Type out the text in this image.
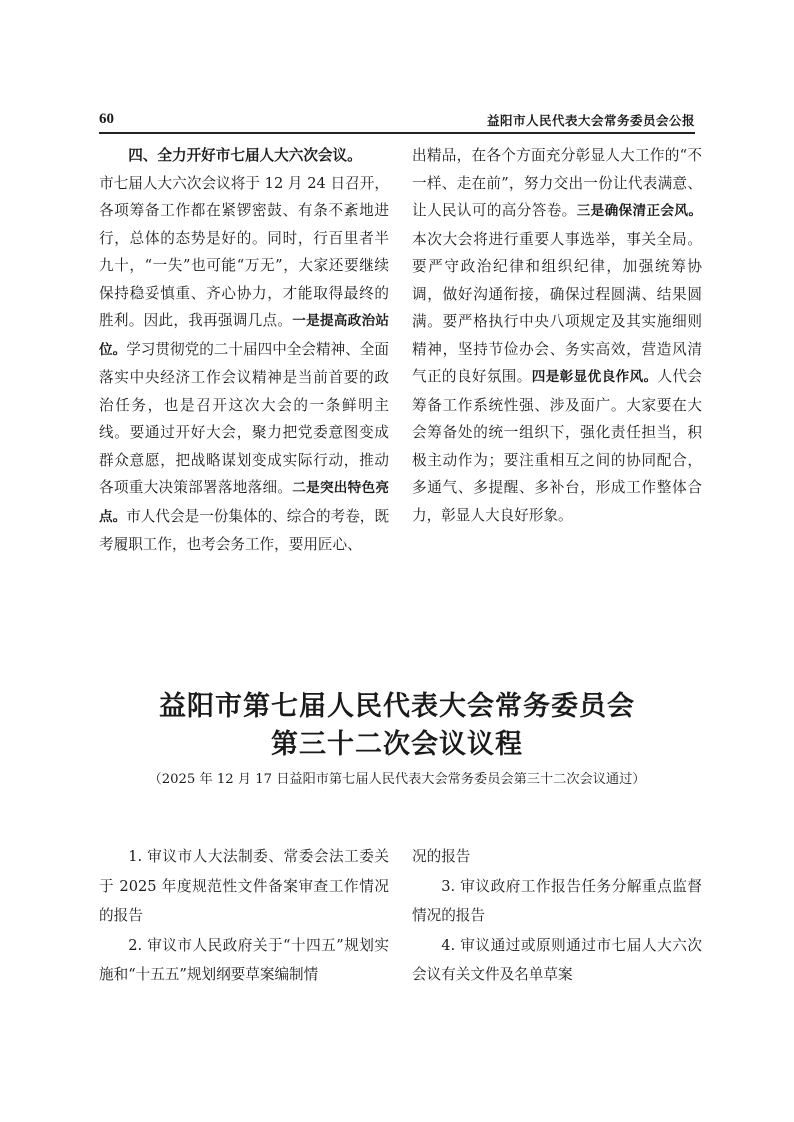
60	益阳市人民代表大会常务委员会公报

四、全力开好市七届人大六次会议。

市七届人大六次会议将于 12 月 24 日召开，各项筹备工作都在紧锣密鼓、有条不紊地进行，总体的态势是好的。同时，行百里者半九十，“一失”也可能“万无”，大家还要继续保持稳妥慎重、齐心协力，才能取得最终的胜利。因此，我再强调几点。一是提高政治站位。学习贯彻党的二十届四中全会精神、全面落实中央经济工作会议精神是当前首要的政治任务，也是召开这次大会的一条鲜明主线。要通过开好大会，聚力把党委意图变成群众意愿，把战略谋划变成实际行动，推动各项重大决策部署落地落细。二是突出特色亮点。市人代会是一份集体的、综合的考卷，既考履职工作，也考会务工作，要用匠心、

出精品，在各个方面充分彰显人大工作的“不一样、走在前”，努力交出一份让代表满意、让人民认可的高分答卷。三是确保清正会风。本次大会将进行重要人事选举，事关全局。要严守政治纪律和组织纪律，加强统筹协调，做好沟通衔接，确保过程圆满、结果圆满。要严格执行中央八项规定及其实施细则精神，坚持节俭办会、务实高效，营造风清气正的良好氛围。四是彰显优良作风。人代会筹备工作系统性强、涉及面广。大家要在大会筹备处的统一组织下，强化责任担当，积极主动作为；要注重相互之间的协同配合，多通气、多提醒、多补台，形成工作整体合力，彰显人大良好形象。

益阳市第七届人民代表大会常务委员会
第三十二次会议议程
（2025 年 12 月 17 日益阳市第七届人民代表大会常务委员会第三十二次会议通过）

1. 审议市人大法制委、常委会法工委关于 2025 年度规范性文件备案审查工作情况的报告

2. 审议市人民政府关于“十四五”规划实施和“十五五”规划纲要草案编制情

况的报告

3. 审议政府工作报告任务分解重点监督情况的报告

4. 审议通过或原则通过市七届人大六次会议有关文件及名单草案
